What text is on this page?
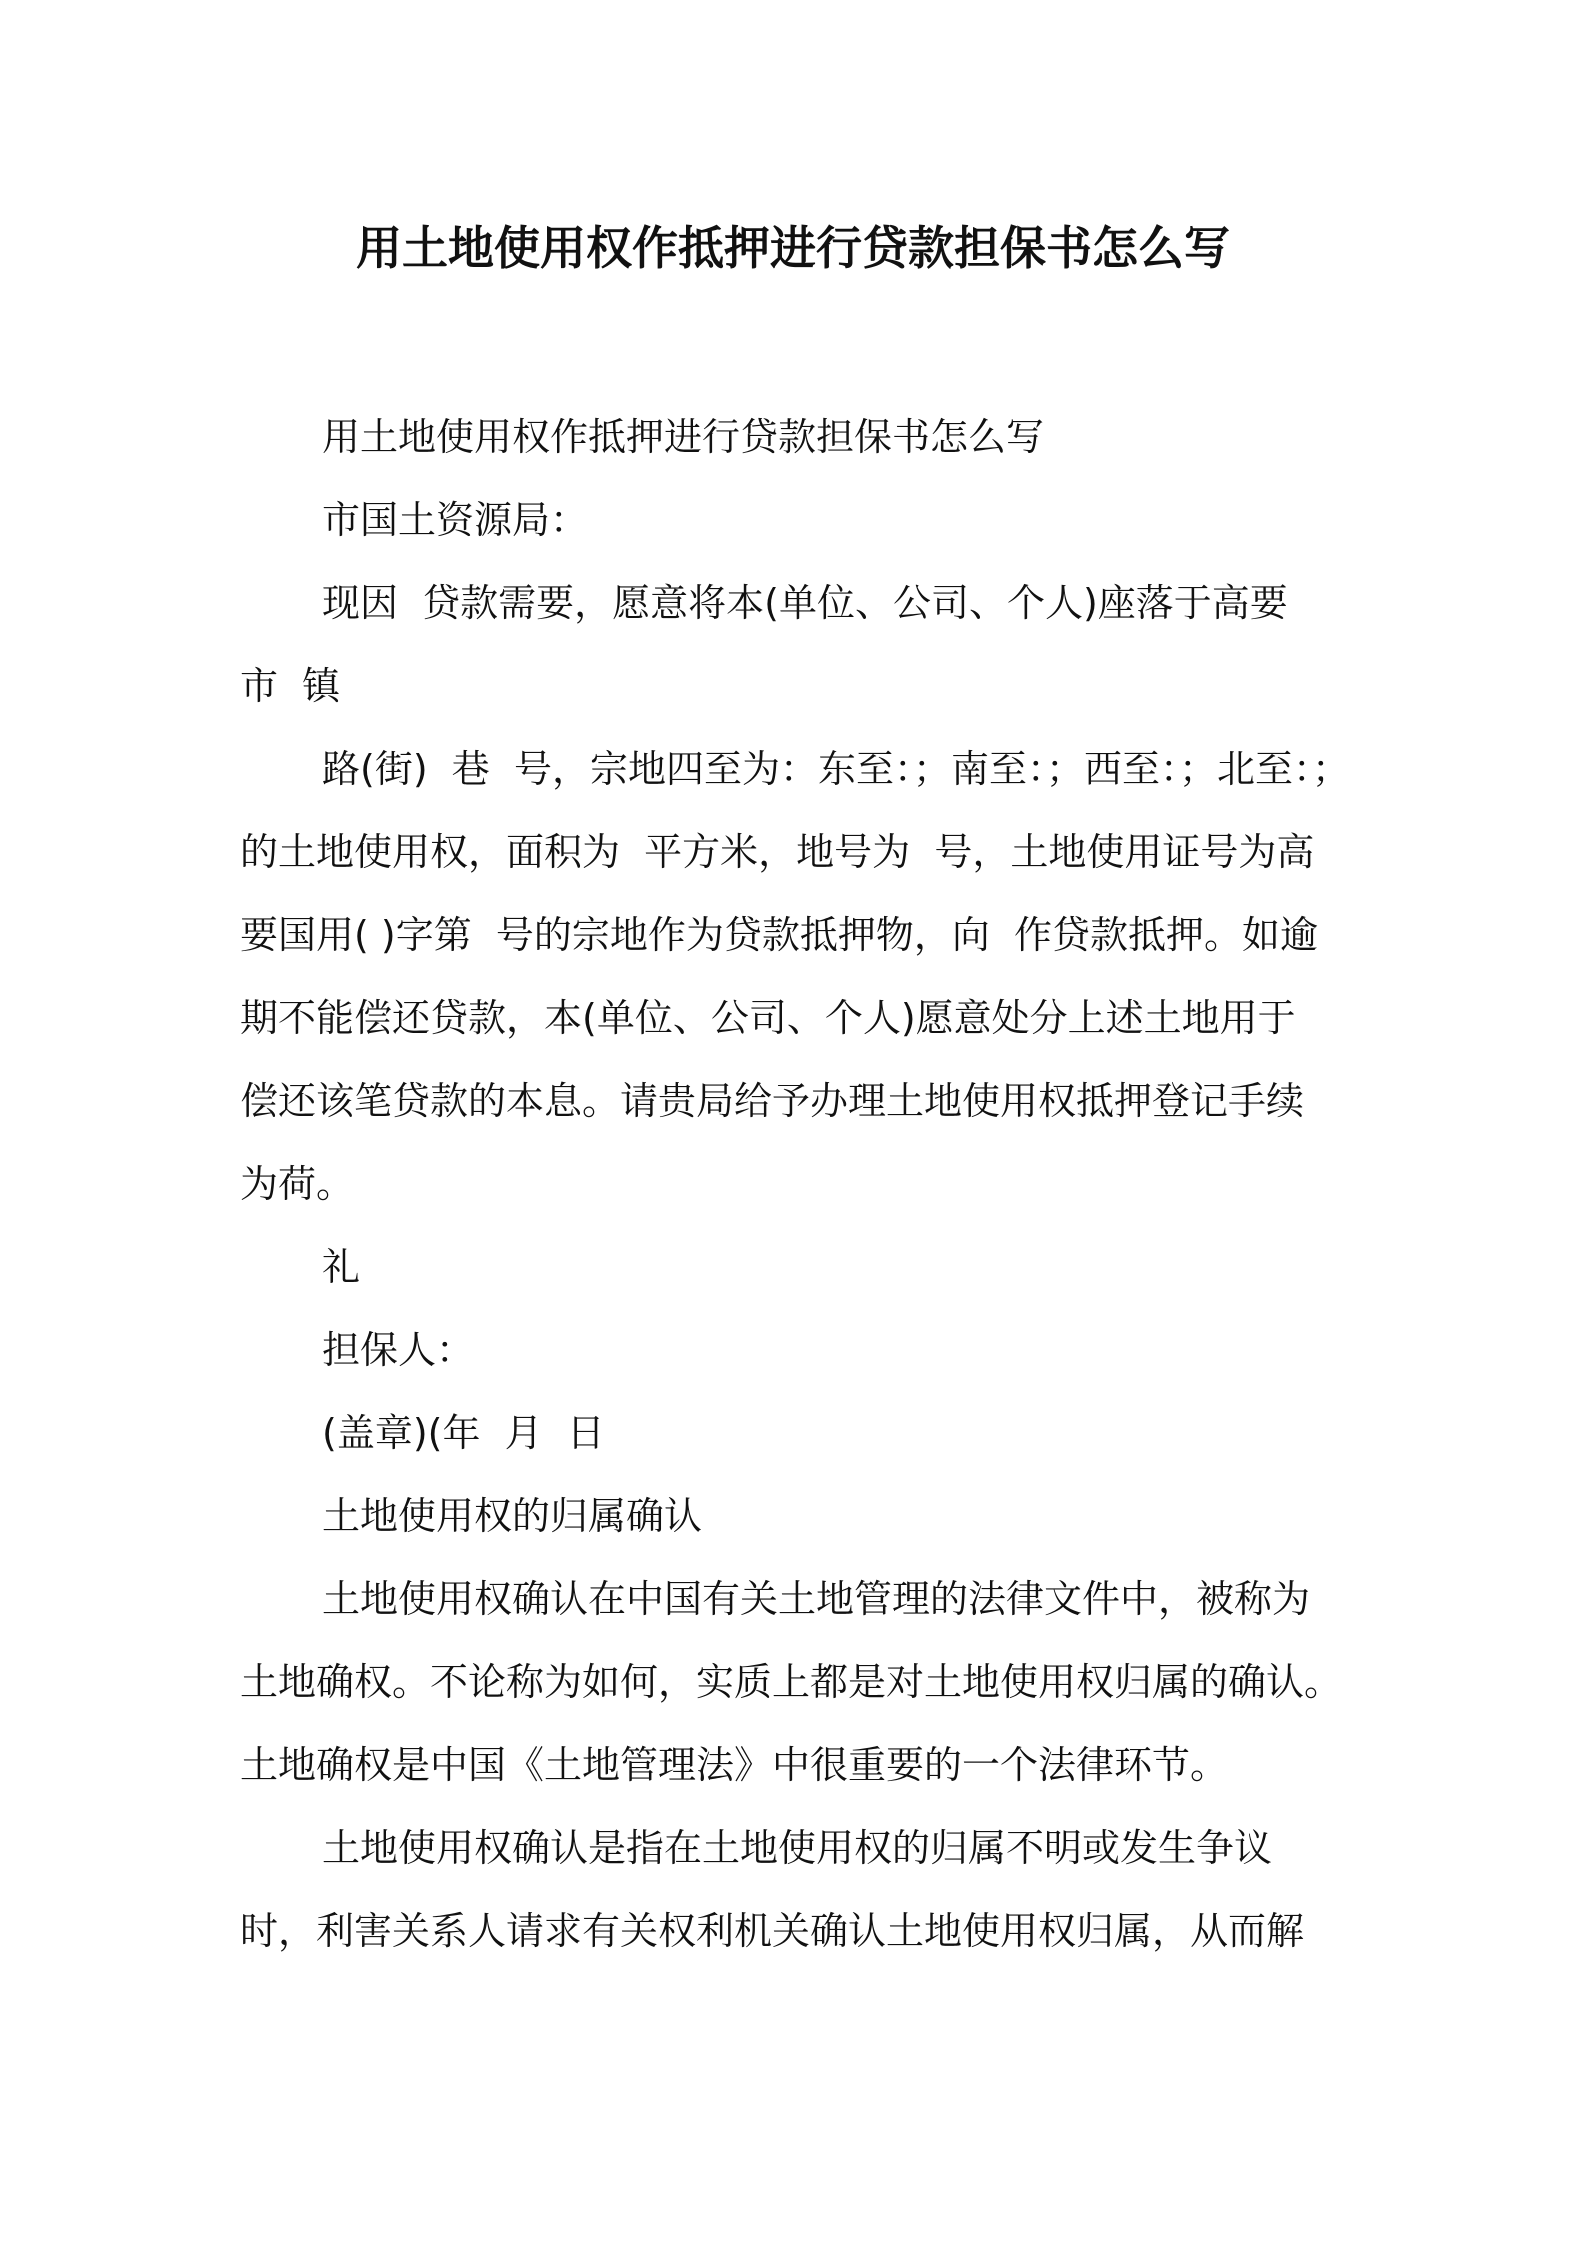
用土地使用权作抵押进行贷款担保书怎么写
用土地使用权作抵押进行贷款担保书怎么写
市国土资源局：
现因  贷款需要，愿意将本(单位、公司、个人)座落于高要
市  镇
路(街)  巷  号，宗地四至为：东至：；南至：；西至：；北至：；
的土地使用权，面积为  平方米，地号为  号，土地使用证号为高
要国用( )字第  号的宗地作为贷款抵押物，向  作贷款抵押。如逾
期不能偿还贷款，本(单位、公司、个人)愿意处分上述土地用于
偿还该笔贷款的本息。请贵局给予办理土地使用权抵押登记手续
为荷。
礼
担保人：
(盖章)(年  月  日
土地使用权的归属确认
土地使用权确认在中国有关土地管理的法律文件中，被称为
土地确权。不论称为如何，实质上都是对土地使用权归属的确认。
土地确权是中国《土地管理法》中很重要的一个法律环节。
土地使用权确认是指在土地使用权的归属不明或发生争议
时，利害关系人请求有关权利机关确认土地使用权归属，从而解
